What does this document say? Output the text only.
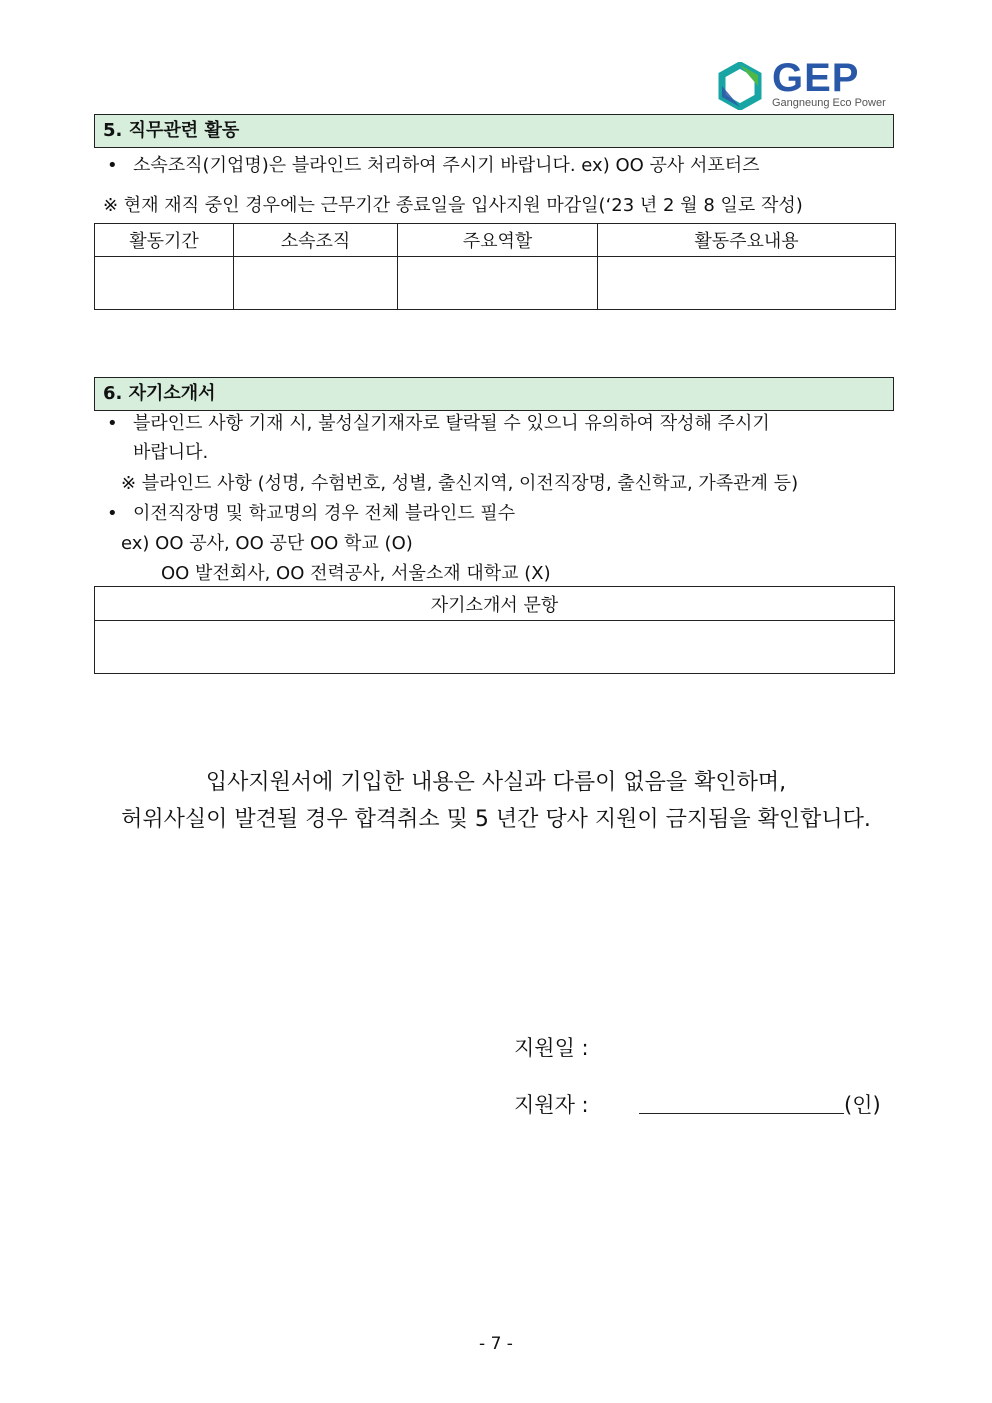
GEP
Gangneung Eco Power
5. 직무관련 활동
• 소속조직(기업명)은 블라인드 처리하여 주시기 바랍니다. ex) OO 공사 서포터즈
※ 현재 재직 중인 경우에는 근무기간 종료일을 입사지원 마감일(‘23 년 2 월 8 일로 작성)
활동기간	소속조직	주요역할	활동주요내용

6. 자기소개서
• 블라인드 사항 기재 시, 불성실기재자로 탈락될 수 있으니 유의하여 작성해 주시기
바랍니다.
※ 블라인드 사항 (성명, 수험번호, 성별, 출신지역, 이전직장명, 출신학교, 가족관계 등)
• 이전직장명 및 학교명의 경우 전체 블라인드 필수
ex) OO 공사, OO 공단 OO 학교 (O)
OO 발전회사, OO 전력공사, 서울소재 대학교 (X)
자기소개서 문항

입사지원서에 기입한 내용은 사실과 다름이 없음을 확인하며,
허위사실이 발견될 경우 합격취소 및 5 년간 당사 지원이 금지됨을 확인합니다.
지원일 :
지원자 :	(인)
- 7 -
